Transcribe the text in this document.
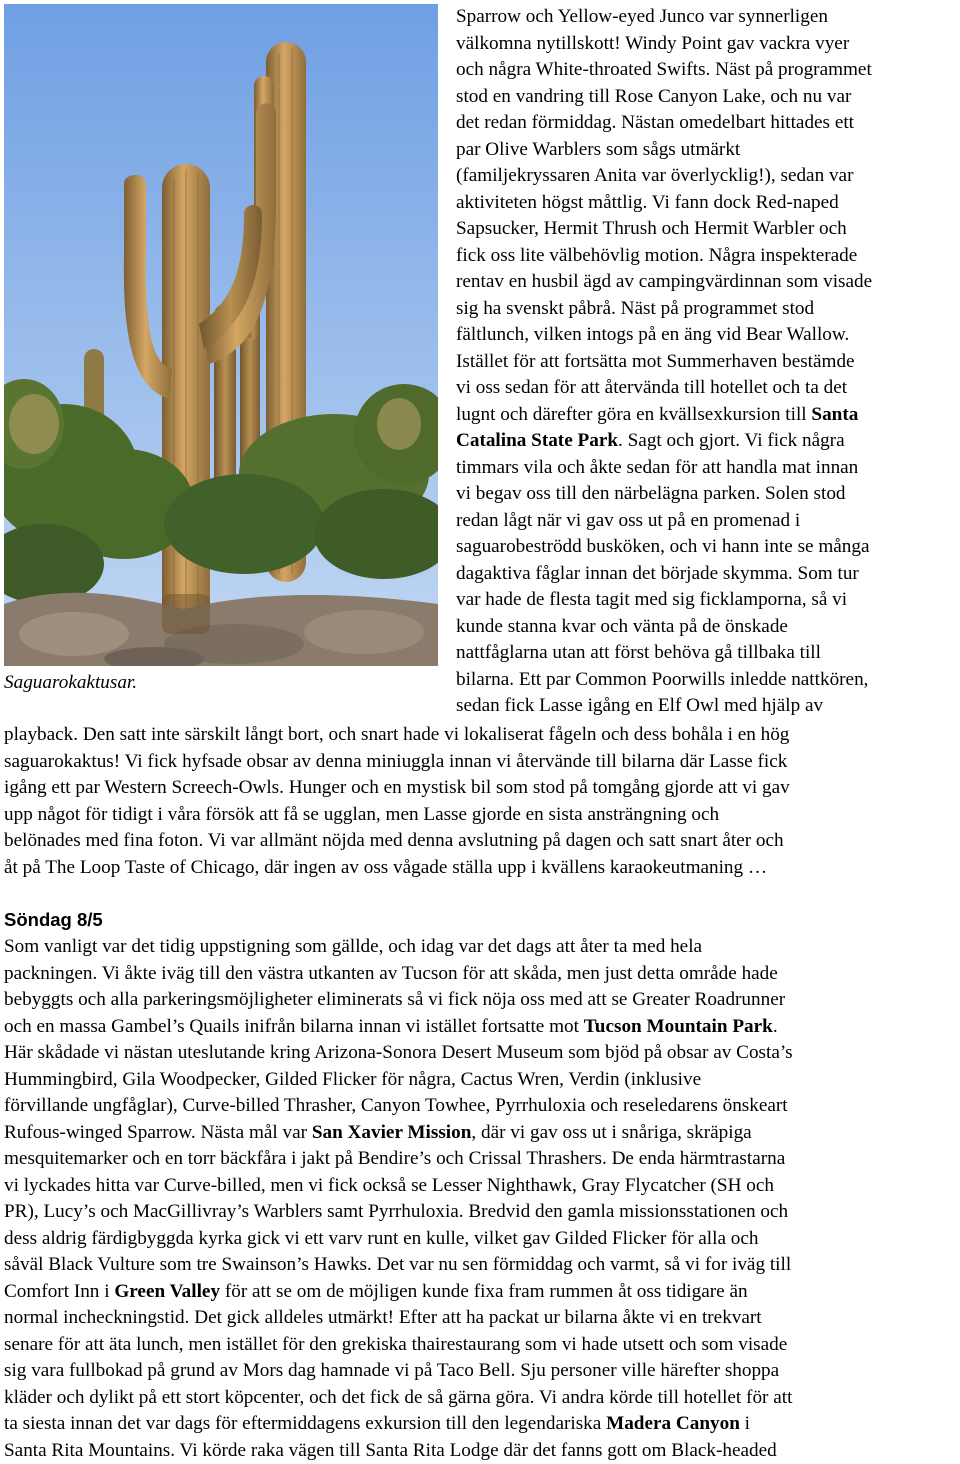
Saguarokaktusar.
Sparrow och Yellow-eyed Junco var synnerligen
välkomna nytillskott! Windy Point gav vackra vyer
och några White-throated Swifts. Näst på programmet
stod en vandring till Rose Canyon Lake, och nu var
det redan förmiddag. Nästan omedelbart hittades ett
par Olive Warblers som sågs utmärkt
(familjekryssaren Anita var överlycklig!), sedan var
aktiviteten högst måttlig. Vi fann dock Red-naped
Sapsucker, Hermit Thrush och Hermit Warbler och
fick oss lite välbehövlig motion. Några inspekterade
rentav en husbil ägd av campingvärdinnan som visade
sig ha svenskt påbrå. Näst på programmet stod
fältlunch, vilken intogs på en äng vid Bear Wallow.
Istället för att fortsätta mot Summerhaven bestämde
vi oss sedan för att återvända till hotellet och ta det
lugnt och därefter göra en kvällsexkursion till Santa
Catalina State Park. Sagt och gjort. Vi fick några
timmars vila och åkte sedan för att handla mat innan
vi begav oss till den närbelägna parken. Solen stod
redan lågt när vi gav oss ut på en promenad i
saguarobeströdd busköken, och vi hann inte se många
dagaktiva fåglar innan det började skymma. Som tur
var hade de flesta tagit med sig ficklamporna, så vi
kunde stanna kvar och vänta på de önskade
nattfåglarna utan att först behöva gå tillbaka till
bilarna. Ett par Common Poorwills inledde nattkören,
sedan fick Lasse igång en Elf Owl med hjälp av
playback. Den satt inte särskilt långt bort, och snart hade vi lokaliserat fågeln och dess bohåla i en hög
saguarokaktus! Vi fick hyfsade obsar av denna miniuggla innan vi återvände till bilarna där Lasse fick
igång ett par Western Screech-Owls. Hunger och en mystisk bil som stod på tomgång gjorde att vi gav
upp något för tidigt i våra försök att få se ugglan, men Lasse gjorde en sista ansträngning och
belönades med fina foton. Vi var allmänt nöjda med denna avslutning på dagen och satt snart åter och
åt på The Loop Taste of Chicago, där ingen av oss vågade ställa upp i kvällens karaokeutmaning …
Söndag 8/5
Som vanligt var det tidig uppstigning som gällde, och idag var det dags att åter ta med hela
packningen. Vi åkte iväg till den västra utkanten av Tucson för att skåda, men just detta område hade
bebyggts och alla parkeringsmöjligheter eliminerats så vi fick nöja oss med att se Greater Roadrunner
och en massa Gambel’s Quails inifrån bilarna innan vi istället fortsatte mot Tucson Mountain Park.
Här skådade vi nästan uteslutande kring Arizona-Sonora Desert Museum som bjöd på obsar av Costa’s
Hummingbird, Gila Woodpecker, Gilded Flicker för några, Cactus Wren, Verdin (inklusive
förvillande ungfåglar), Curve-billed Thrasher, Canyon Towhee, Pyrrhuloxia och reseledarens önskeart
Rufous-winged Sparrow. Nästa mål var San Xavier Mission, där vi gav oss ut i snåriga, skräpiga
mesquitemarker och en torr bäckfåra i jakt på Bendire’s och Crissal Thrashers. De enda härmtrastarna
vi lyckades hitta var Curve-billed, men vi fick också se Lesser Nighthawk, Gray Flycatcher (SH och
PR), Lucy’s och MacGillivray’s Warblers samt Pyrrhuloxia. Bredvid den gamla missionsstationen och
dess aldrig färdigbyggda kyrka gick vi ett varv runt en kulle, vilket gav Gilded Flicker för alla och
såväl Black Vulture som tre Swainson’s Hawks. Det var nu sen förmiddag och varmt, så vi for iväg till
Comfort Inn i Green Valley för att se om de möjligen kunde fixa fram rummen åt oss tidigare än
normal incheckningstid. Det gick alldeles utmärkt! Efter att ha packat ur bilarna åkte vi en trekvart
senare för att äta lunch, men istället för den grekiska thairestaurang som vi hade utsett och som visade
sig vara fullbokad på grund av Mors dag hamnade vi på Taco Bell. Sju personer ville härefter shoppa
kläder och dylikt på ett stort köpcenter, och det fick de så gärna göra. Vi andra körde till hotellet för att
ta siesta innan det var dags för eftermiddagens exkursion till den legendariska Madera Canyon i
Santa Rita Mountains. Vi körde raka vägen till Santa Rita Lodge där det fanns gott om Black-headed
